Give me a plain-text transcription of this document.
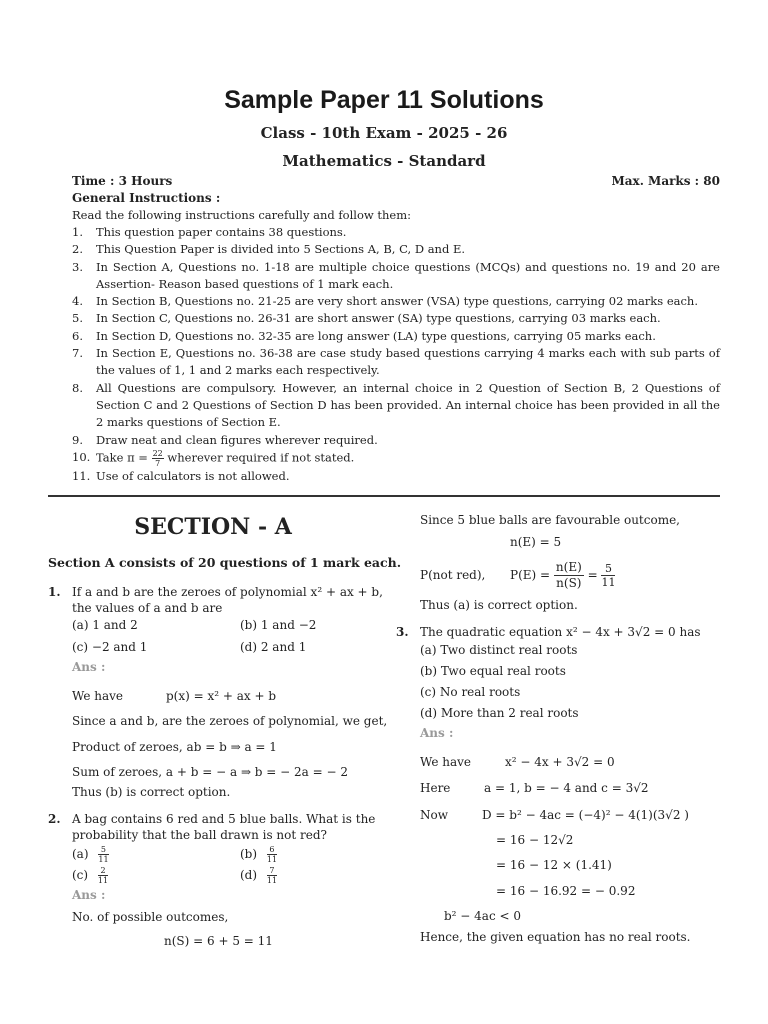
Sample Paper 11 Solutions
Class - 10th Exam - 2025 - 26
Mathematics - Standard
Time : 3 Hours	Max. Marks : 80
General Instructions :
Read the following instructions carefully and follow them:
1. This question paper contains 38 questions.
2. This Question Paper is divided into 5 Sections A, B, C, D and E.
3. In Section A, Questions no. 1-18 are multiple choice questions (MCQs) and questions no. 19 and 20 are Assertion- Reason based questions of 1 mark each.
4. In Section B, Questions no. 21-25 are very short answer (VSA) type questions, carrying 02 marks each.
5. In Section C, Questions no. 26-31 are short answer (SA) type questions, carrying 03 marks each.
6. In Section D, Questions no. 32-35 are long answer (LA) type questions, carrying 05 marks each.
7. In Section E, Questions no. 36-38 are case study based questions carrying 4 marks each with sub parts of the values of 1, 1 and 2 marks each respectively.
8. All Questions are compulsory. However, an internal choice in 2 Question of Section B, 2 Questions of Section C and 2 Questions of Section D has been provided. An internal choice has been provided in all the 2 marks questions of Section E.
9. Draw neat and clean figures wherever required.
10. Take $\pi = \frac{22}{7}$ wherever required if not stated.
11. Use of calculators is not allowed.
SECTION - A
Section A consists of 20 questions of 1 mark each.
1. If a and b are the zeroes of polynomial x² + ax + b,
the values of a and b are
(a) 1 and 2	(b) 1 and −2
(c) −2 and 1	(d) 2 and 1
Ans :
We have	p(x) = x² + ax + b
Since a and b, are the zeroes of polynomial, we get,
Product of zeroes, ab = b ⇒ a = 1
Sum of zeroes, a + b = − a ⇒ b = − 2a = − 2
Thus (b) is correct option.
2. A bag contains 6 red and 5 blue balls. What is the
probability that the ball drawn is not red?
$(a) \frac{5}{11}$	$(b) \frac{6}{11}$
$(c) \frac{2}{11}$	$(d) \frac{7}{11}$
Ans :
No. of possible outcomes,
n(S) = 6 + 5 = 11
Since 5 blue balls are favourable outcome,
n(E) = 5
P(not red), $P(E) = \frac{n(E)}{n(S)} = \frac{5}{11}$
Thus (a) is correct option.
3. The quadratic equation x² − 4x + 3√2 = 0 has
(a) Two distinct real roots
(b) Two equal real roots
(c) No real roots
(d) More than 2 real roots
Ans :
We have	x² − 4x + 3√2 = 0
Here	a = 1, b = − 4 and c = 3√2
Now	D = b² − 4ac = (−4)² − 4(1)(3√2 )
= 16 − 12√2
= 16 − 12 × (1.41)
= 16 − 16.92 = − 0.92
b² − 4ac < 0
Hence, the given equation has no real roots.
